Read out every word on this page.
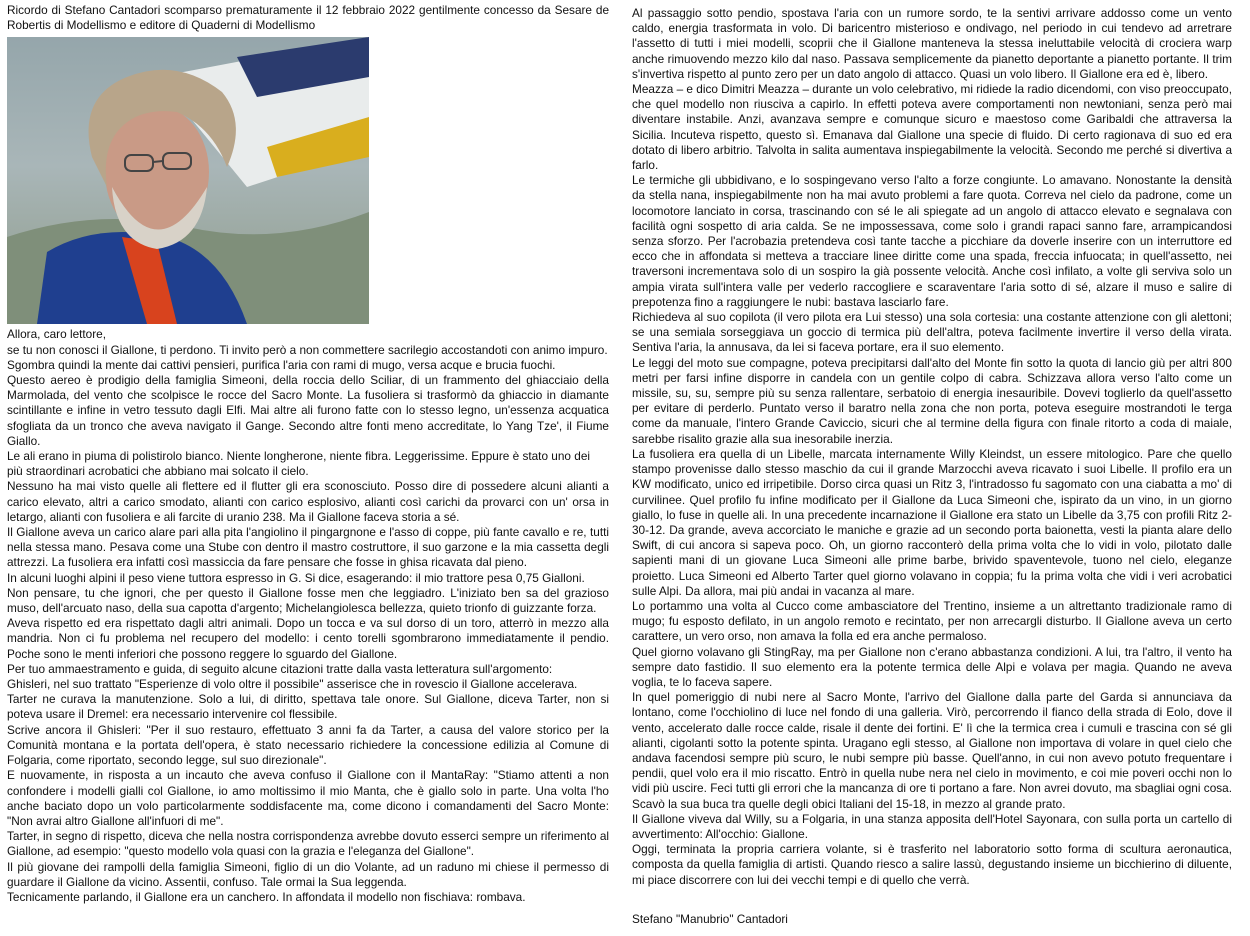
Ricordo di Stefano Cantadori scomparso prematuramente il 12 febbraio 2022 gentilmente concesso da Sesare de Robertis di Modellismo e editore di Quaderni di Modellismo

Allora, caro lettore,

se tu non conosci il Giallone, ti perdono. Ti invito però a non commettere sacrilegio accostandoti con animo impuro.

Sgombra quindi la mente dai cattivi pensieri, purifica l'aria con rami di mugo, versa acque e brucia fuochi.

Questo aereo è prodigio della famiglia Simeoni, della roccia dello Sciliar, di un frammento del ghiacciaio della Marmolada, del vento che scolpisce le rocce del Sacro Monte. La fusoliera si trasformò da ghiaccio in diamante scintillante e infine in vetro tessuto dagli Elfi. Mai altre ali furono fatte con lo stesso legno, un'essenza acquatica sfogliata da un tronco che aveva navigato il Gange. Secondo altre fonti meno accreditate, lo Yang Tze', il Fiume Giallo.

Le ali erano in piuma di polistirolo bianco. Niente longherone, niente fibra. Leggerissime. Eppure è stato uno dei più straordinari acrobatici che abbiano mai solcato il cielo.

Nessuno ha mai visto quelle ali flettere ed il flutter gli era sconosciuto. Posso dire di possedere alcuni alianti a carico elevato, altri a carico smodato, alianti con carico esplosivo, alianti così carichi da provarci con un' orsa in letargo, alianti con fusoliera e ali farcite di uranio 238. Ma il Giallone faceva storia a sé.

Il Giallone aveva un carico alare pari alla pita l'angiolino il pingargnone e l'asso di coppe, più fante cavallo e re, tutti nella stessa mano. Pesava come una Stube con dentro il mastro costruttore, il suo garzone e la mia cassetta degli attrezzi. La fusoliera era infatti così massiccia da fare pensare che fosse in ghisa ricavata dal pieno.

In alcuni luoghi alpini il peso viene tuttora espresso in G. Si dice, esagerando: il mio trattore pesa 0,75 Gialloni.

Non pensare, tu che ignori, che per questo il Giallone fosse men che leggiadro. L'iniziato ben sa del grazioso muso, dell'arcuato naso, della sua capotta d'argento; Michelangiolesca bellezza, quieto trionfo di guizzante forza.

Aveva rispetto ed era rispettato dagli altri animali. Dopo un tocca e va sul dorso di un toro, atterrò in mezzo alla mandria. Non ci fu problema nel recupero del modello: i cento torelli sgombrarono immediatamente il pendio. Poche sono le menti inferiori che possono reggere lo sguardo del Giallone.

Per tuo ammaestramento e guida, di seguito alcune citazioni tratte dalla vasta letteratura sull'argomento:

Ghisleri, nel suo trattato "Esperienze di volo oltre il possibile" asserisce che in rovescio il Giallone accelerava.

Tarter ne curava la manutenzione. Solo a lui, di diritto, spettava tale onore. Sul Giallone, diceva Tarter, non si poteva usare il Dremel: era necessario intervenire col flessibile.

Scrive ancora il Ghisleri: "Per il suo restauro, effettuato 3 anni fa da Tarter, a causa del valore storico per la Comunità montana e la portata dell'opera, è stato necessario richiedere la concessione edilizia al Comune di Folgaria, come riportato, secondo legge, sul suo direzionale".

E nuovamente, in risposta a un incauto che aveva confuso il Giallone con il MantaRay: "Stiamo attenti a non confondere i modelli gialli col Giallone, io amo moltissimo il mio Manta, che è giallo solo in parte. Una volta l'ho anche baciato dopo un volo particolarmente soddisfacente ma, come dicono i comandamenti del Sacro Monte: "Non avrai altro Giallone all'infuori di me".

Tarter, in segno di rispetto, diceva che nella nostra corrispondenza avrebbe dovuto esserci sempre un riferimento al Giallone, ad esempio: "questo modello vola quasi con la grazia e l'eleganza del Giallone".

Il più giovane dei rampolli della famiglia Simeoni, figlio di un dio Volante, ad un raduno mi chiese il permesso di guardare il Giallone da vicino. Assentii, confuso. Tale ormai la Sua leggenda.

Tecnicamente parlando, il Giallone era un canchero. In affondata il modello non fischiava: rombava.

Al passaggio sotto pendio, spostava l'aria con un rumore sordo, te la sentivi arrivare addosso come un vento caldo, energia trasformata in volo. Di baricentro misterioso e ondivago, nel periodo in cui tendevo ad arretrare l'assetto di tutti i miei modelli, scoprii che il Giallone manteneva la stessa ineluttabile velocità di crociera warp anche rimuovendo mezzo kilo dal naso. Passava semplicemente da pianetto deportante a pianetto portante. Il trim s'invertiva rispetto al punto zero per un dato angolo di attacco. Quasi un volo libero. Il Giallone era ed è, libero.

Meazza – e dico Dimitri Meazza – durante un volo celebrativo, mi ridiede la radio dicendomi, con viso preoccupato, che quel modello non riusciva a capirlo. In effetti poteva avere comportamenti non newtoniani, senza però mai diventare instabile. Anzi, avanzava sempre e comunque sicuro e maestoso come Garibaldi che attraversa la Sicilia. Incuteva rispetto, questo sì. Emanava dal Giallone una specie di fluido. Di certo ragionava di suo ed era dotato di libero arbitrio. Talvolta in salita aumentava inspiegabilmente la velocità. Secondo me perché si divertiva a farlo.

Le termiche gli ubbidivano, e lo sospingevano verso l'alto a forze congiunte. Lo amavano. Nonostante la densità da stella nana, inspiegabilmente non ha mai avuto problemi a fare quota. Correva nel cielo da padrone, come un locomotore lanciato in corsa, trascinando con sé le ali spiegate ad un angolo di attacco elevato e segnalava con facilità ogni sospetto di aria calda. Se ne impossessava, come solo i grandi rapaci sanno fare, arrampicandosi senza sforzo. Per l'acrobazia pretendeva così tante tacche a picchiare da doverle inserire con un interruttore ed ecco che in affondata si metteva a tracciare linee diritte come una spada, freccia infuocata; in quell'assetto, nei traversoni incrementava solo di un sospiro la già possente velocità. Anche così infilato, a volte gli serviva solo un ampia virata sull'intera valle per vederlo raccogliere e scaraventare l'aria sotto di sé, alzare il muso e salire di prepotenza fino a raggiungere le nubi: bastava lasciarlo fare.

Richiedeva al suo copilota (il vero pilota era Lui stesso) una sola cortesia: una costante attenzione con gli alettoni; se una semiala sorseggiava un goccio di termica più dell'altra, poteva facilmente invertire il verso della virata. Sentiva l'aria, la annusava, da lei si faceva portare, era il suo elemento.

Le leggi del moto sue compagne, poteva precipitarsi dall'alto del Monte fin sotto la quota di lancio giù per altri 800 metri per farsi infine disporre in candela con un gentile colpo di cabra. Schizzava allora verso l'alto come un missile, su, su, sempre più su senza rallentare, serbatoio di energia inesauribile. Dovevi toglierlo da quell'assetto per evitare di perderlo. Puntato verso il baratro nella zona che non porta, poteva eseguire mostrandoti le terga come da manuale, l'intero Grande Caviccio, sicuri che al termine della figura con finale ritorto a coda di maiale, sarebbe risalito grazie alla sua inesorabile inerzia.

La fusoliera era quella di un Libelle, marcata internamente Willy Kleindst, un essere mitologico. Pare che quello stampo provenisse dallo stesso maschio da cui il grande Marzocchi aveva ricavato i suoi Libelle. Il profilo era un KW modificato, unico ed irripetibile. Dorso circa quasi un Ritz 3, l'intradosso fu sagomato con una ciabatta a mo' di curvilinee. Quel profilo fu infine modificato per il Giallone da Luca Simeoni che, ispirato da un vino, in un giorno giallo, lo fuse in quelle ali. In una precedente incarnazione il Giallone era stato un Libelle da 3,75 con profili Ritz 2-30-12. Da grande, aveva accorciato le maniche e grazie ad un secondo porta baionetta, vesti la pianta alare dello Swift, di cui ancora si sapeva poco. Oh, un giorno racconterò della prima volta che lo vidi in volo, pilotato dalle sapienti mani di un giovane Luca Simeoni alle prime barbe, brivido spaventevole, tuono nel cielo, eleganze proietto. Luca Simeoni ed Alberto Tarter quel giorno volavano in coppia; fu la prima volta che vidi i veri acrobatici sulle Alpi. Da allora, mai più andai in vacanza al mare.

Lo portammo una volta al Cucco come ambasciatore del Trentino, insieme a un altrettanto tradizionale ramo di mugo; fu esposto defilato, in un angolo remoto e recintato, per non arrecargli disturbo. Il Giallone aveva un certo carattere, un vero orso, non amava la folla ed era anche permaloso.

Quel giorno volavano gli StingRay, ma per Giallone non c'erano abbastanza condizioni. A lui, tra l'altro, il vento ha sempre dato fastidio. Il suo elemento era la potente termica delle Alpi e volava per magia. Quando ne aveva voglia, te lo faceva sapere.

In quel pomeriggio di nubi nere al Sacro Monte, l'arrivo del Giallone dalla parte del Garda si annunciava da lontano, come l'occhiolino di luce nel fondo di una galleria. Virò, percorrendo il fianco della strada di Eolo, dove il vento, accelerato dalle rocce calde, risale il dente dei fortini. E' lì che la termica crea i cumuli e trascina con sé gli alianti, cigolanti sotto la potente spinta. Uragano egli stesso, al Giallone non importava di volare in quel cielo che andava facendosi sempre più scuro, le nubi sempre più basse. Quell'anno, in cui non avevo potuto frequentare i pendii, quel volo era il mio riscatto. Entrò in quella nube nera nel cielo in movimento, e coi mie poveri occhi non lo vidi più uscire. Feci tutti gli errori che la mancanza di ore ti portano a fare. Non avrei dovuto, ma sbagliai ogni cosa. Scavò la sua buca tra quelle degli obici Italiani del 15-18, in mezzo al grande prato.

Il Giallone viveva dal Willy, su a Folgaria, in una stanza apposita dell'Hotel Sayonara, con sulla porta un cartello di avvertimento: All'occhio: Giallone.

Oggi, terminata la propria carriera volante, si è trasferito nel laboratorio sotto forma di scultura aeronautica, composta da quella famiglia di artisti. Quando riesco a salire lassù, degustando insieme un bicchierino di diluente, mi piace discorrere con lui dei vecchi tempi e di quello che verrà.

Stefano "Manubrio" Cantadori
